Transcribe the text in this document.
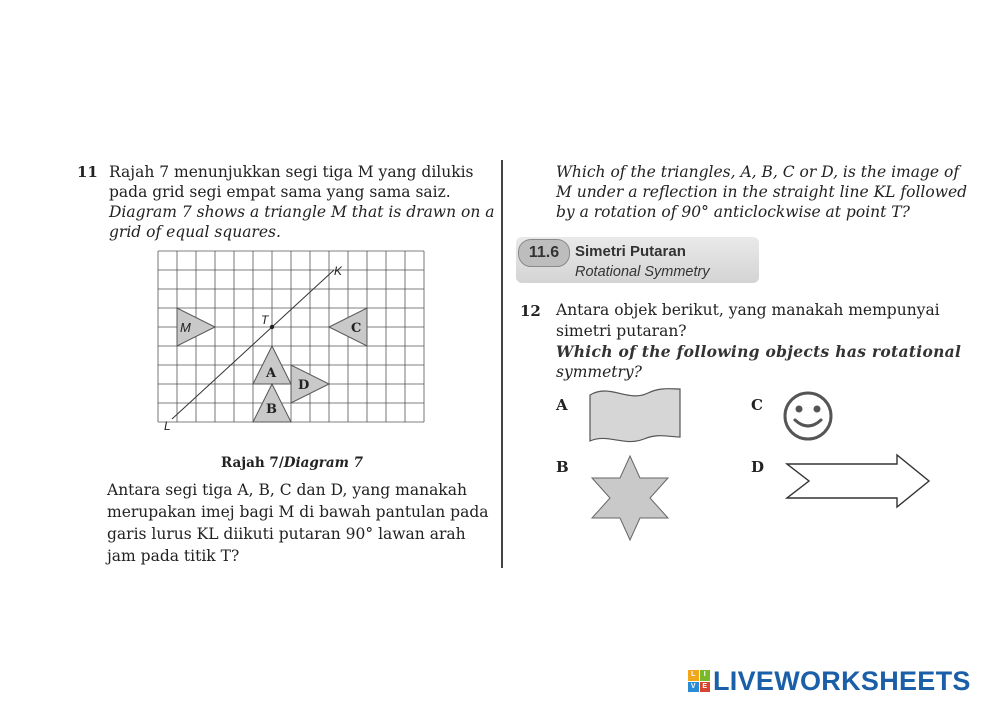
11 Rajah 7 menunjukkan segi tiga M yang dilukis
pada grid segi empat sama yang sama saiz.
Diagram 7 shows a triangle M that is drawn on a
grid of equal squares.
K
T
L
M	C
A
B
D
Rajah 7/Diagram 7
Antara segi tiga A, B, C dan D, yang manakah
merupakan imej bagi M di bawah pantulan pada
garis lurus KL diikuti putaran 90° lawan arah
jam pada titik T?
Which of the triangles, A, B, C or D, is the image of
M under a reflection in the straight line KL followed
by a rotation of 90° anticlockwise at point T?
11.6	Simetri Putaran
Rotational Symmetry
12 Antara objek berikut, yang manakah mempunyai
simetri putaran?
Which of the following objects has rotational
symmetry?
A	C
B	D
L	I
V E LIVEWORKSHEETS
